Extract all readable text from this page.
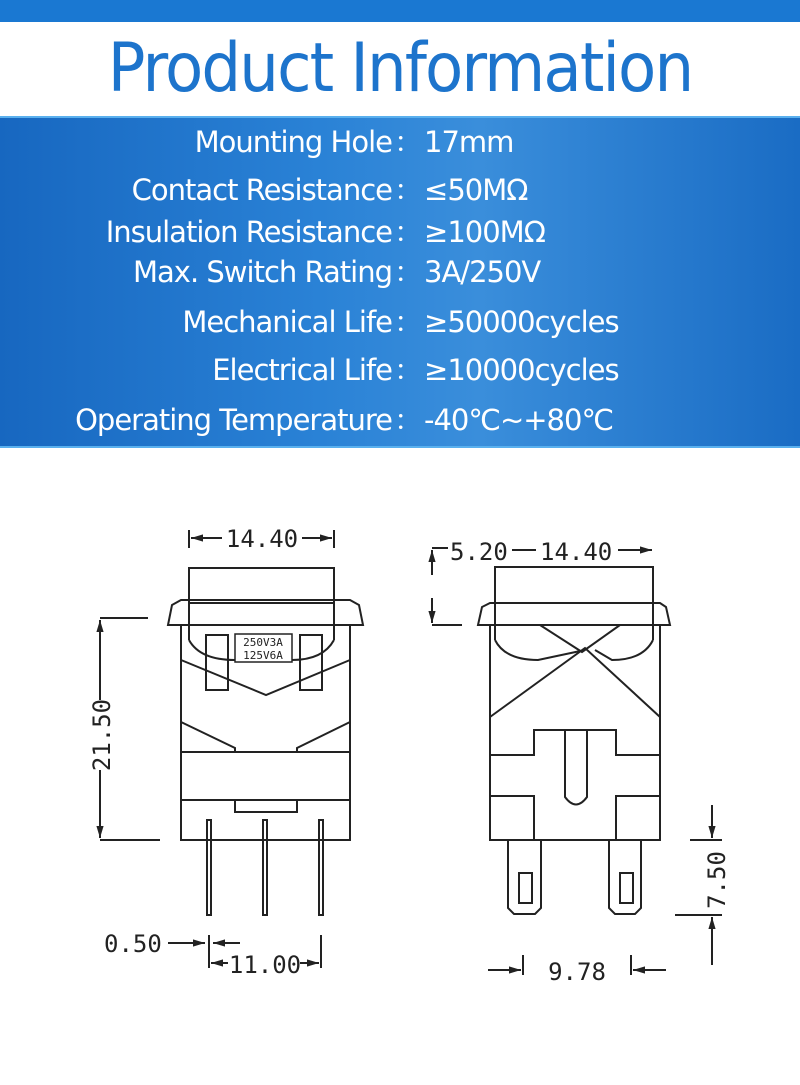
Product Information
Mounting Hole ： 17mm
Contact Resistance ： ≤50MΩ
Insulation Resistance ： ≥100MΩ
Max. Switch Rating ： 3A/250V
Mechanical Life ： ≥50000cycles
Electrical Life ： ≥10000cycles
Operating Temperature ： -40℃~+80℃
14.40
250V3A
125V6A
21.50
0.50
11.00
5.20 14.40
7.50
9.78
